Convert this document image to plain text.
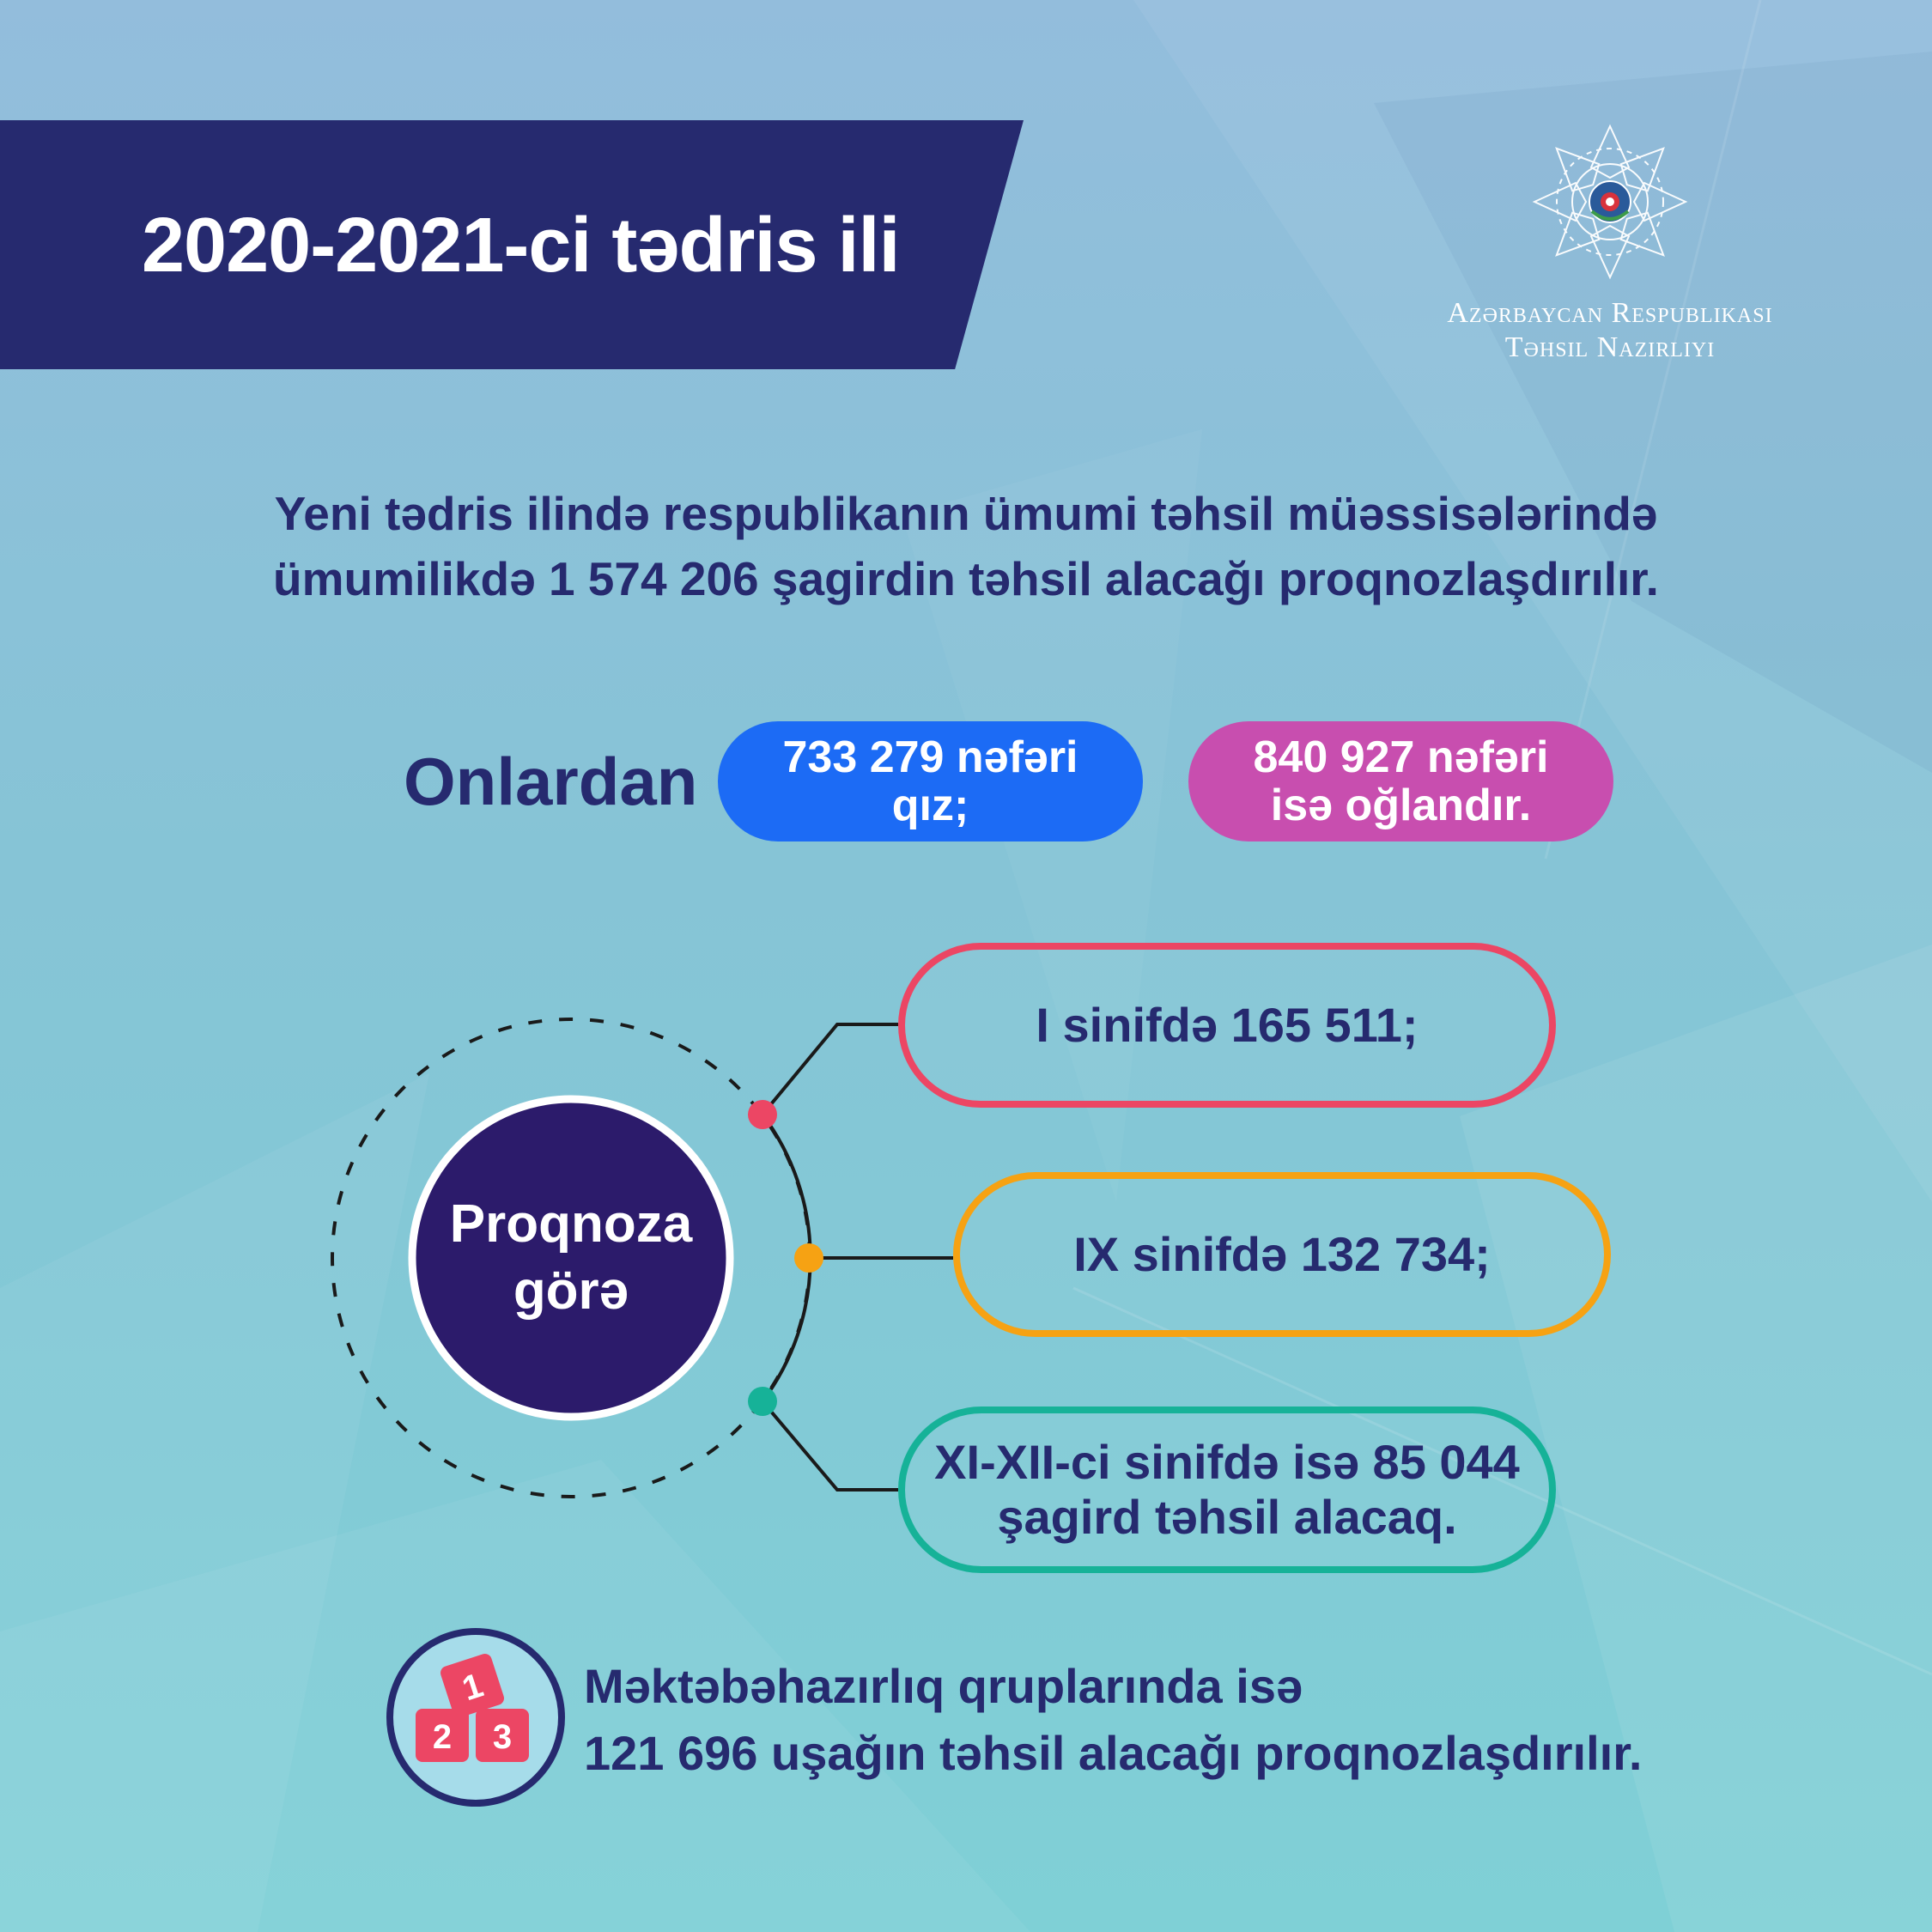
2020-2021-ci tədris ili
Azərbaycan Respublikası
Təhsil Nazirliyi
Yeni tədris ilində respublikanın ümumi təhsil müəssisələrində
ümumilikdə 1 574 206 şagirdin təhsil alacağı proqnozlaşdırılır.
Onlardan 733 279 nəfəri
qız;
840 927 nəfəri
isə oğlandır.
Proqnoza
görə
I sinifdə 165 511;
IX sinifdə 132 734;
XI-XII-ci sinifdə isə 85 044
şagird təhsil alacaq.
2 3
1 Məktəbəhazırlıq qruplarında isə
121 696 uşağın təhsil alacağı proqnozlaşdırılır.
